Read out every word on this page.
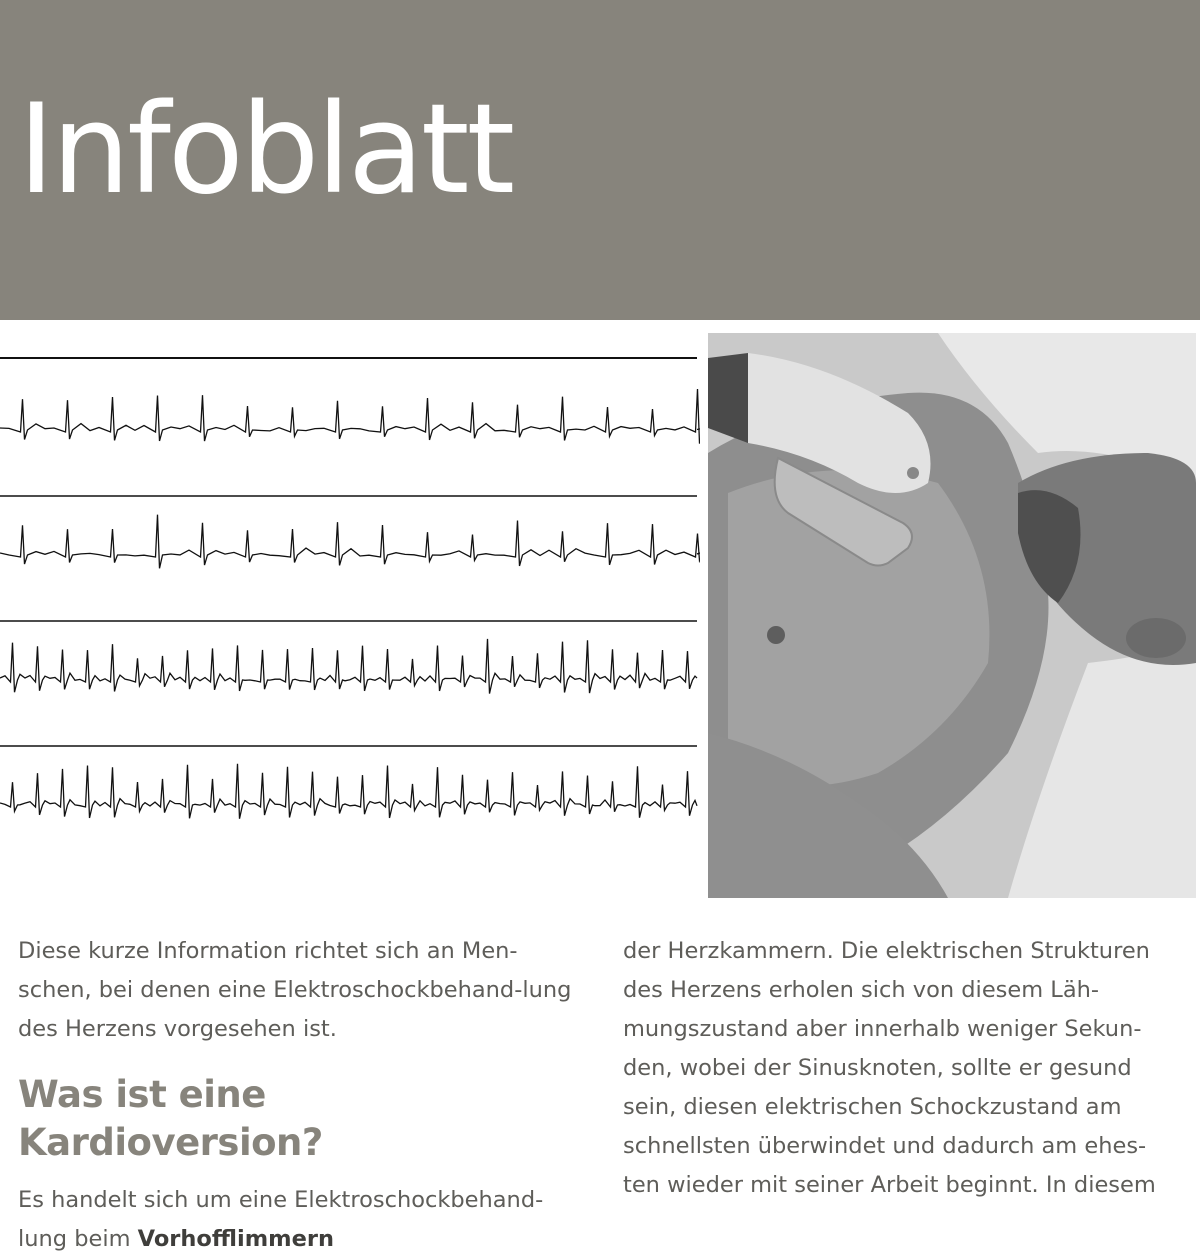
Infoblatt

Diese kurze Information richtet sich an Men-schen, bei denen eine Elektroschockbehand-lung des Herzens vorgesehen ist.

Was ist eine Kardioversion?

Es handelt sich um eine Elektroschockbehand-lung beim Vorhofflimmern

der Herzkammern. Die elektrischen Strukturen des Herzens erholen sich von diesem Läh-mungszustand aber innerhalb weniger Sekun-den, wobei der Sinusknoten, sollte er gesund sein, diesen elektrischen Schockzustand am schnellsten überwindet und dadurch am ehes-ten wieder mit seiner Arbeit beginnt. In diesem
